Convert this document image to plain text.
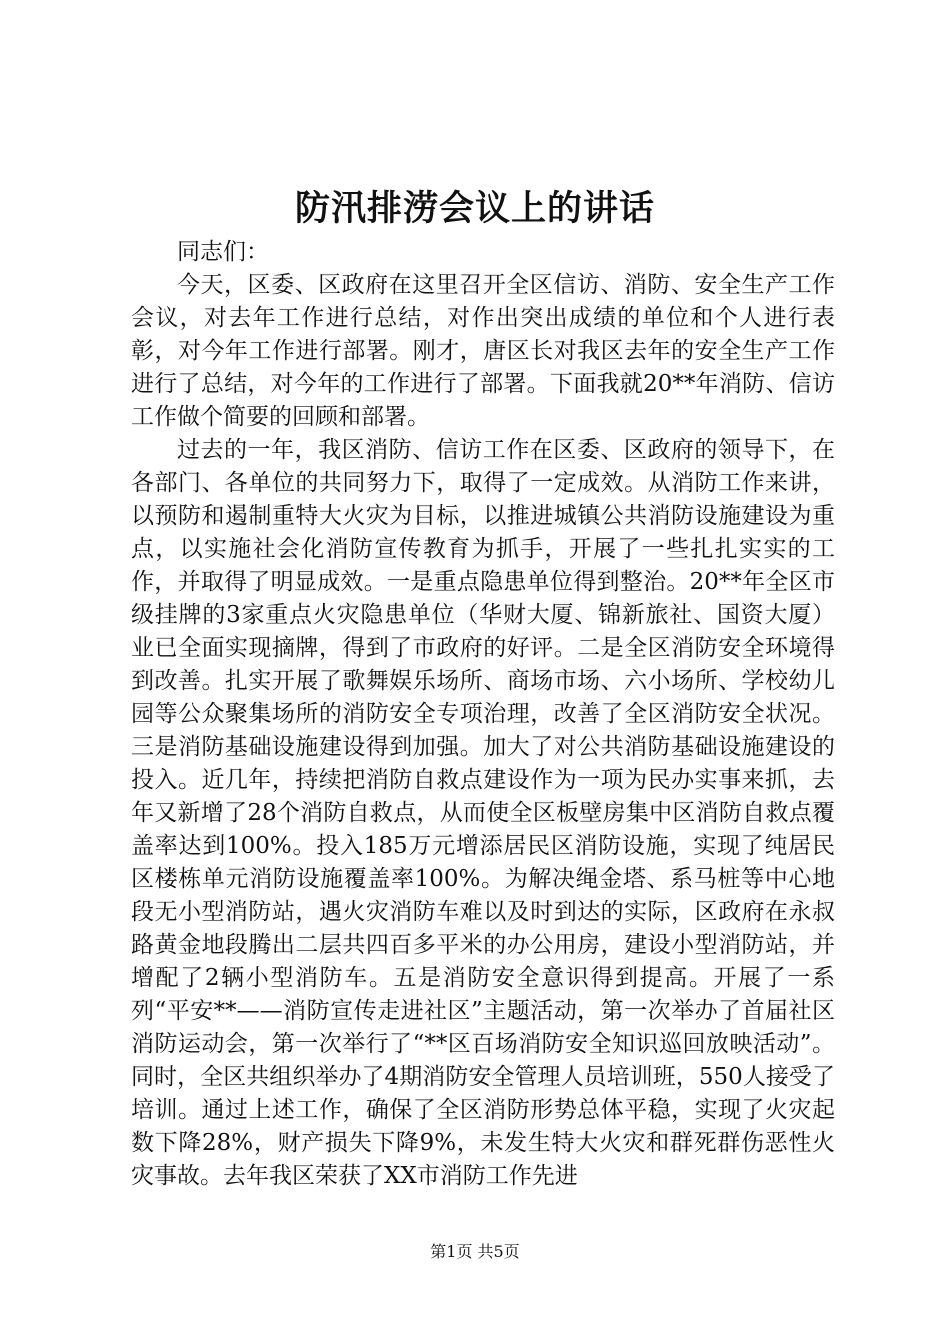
防汛排涝会议上的讲话

同志们：

今天，区委、区政府在这里召开全区信访、消防、安全生产工作会议，对去年工作进行总结，对作出突出成绩的单位和个人进行表彰，对今年工作进行部署。刚才，唐区长对我区去年的安全生产工作进行了总结，对今年的工作进行了部署。下面我就20**年消防、信访工作做个简要的回顾和部署。

过去的一年，我区消防、信访工作在区委、区政府的领导下，在各部门、各单位的共同努力下，取得了一定成效。从消防工作来讲，以预防和遏制重特大火灾为目标，以推进城镇公共消防设施建设为重点，以实施社会化消防宣传教育为抓手，开展了一些扎扎实实的工作，并取得了明显成效。一是重点隐患单位得到整治。20**年全区市级挂牌的3家重点火灾隐患单位（华财大厦、锦新旅社、国资大厦）业已全面实现摘牌，得到了市政府的好评。二是全区消防安全环境得到改善。扎实开展了歌舞娱乐场所、商场市场、六小场所、学校幼儿园等公众聚集场所的消防安全专项治理，改善了全区消防安全状况。三是消防基础设施建设得到加强。加大了对公共消防基础设施建设的投入。近几年，持续把消防自救点建设作为一项为民办实事来抓，去年又新增了28个消防自救点，从而使全区板壁房集中区消防自救点覆盖率达到100%。投入185万元增添居民区消防设施，实现了纯居民区楼栋单元消防设施覆盖率100%。为解决绳金塔、系马桩等中心地段无小型消防站，遇火灾消防车难以及时到达的实际，区政府在永叔路黄金地段腾出二层共四百多平米的办公用房，建设小型消防站，并增配了2辆小型消防车。五是消防安全意识得到提高。开展了一系列“平安**——消防宣传走进社区”主题活动，第一次举办了首届社区消防运动会，第一次举行了“**区百场消防安全知识巡回放映活动”。同时，全区共组织举办了4期消防安全管理人员培训班，550人接受了培训。通过上述工作，确保了全区消防形势总体平稳，实现了火灾起数下降28%，财产损失下降9%，未发生特大火灾和群死群伤恶性火灾事故。去年我区荣获了XX市消防工作先进

第1页 共5页
